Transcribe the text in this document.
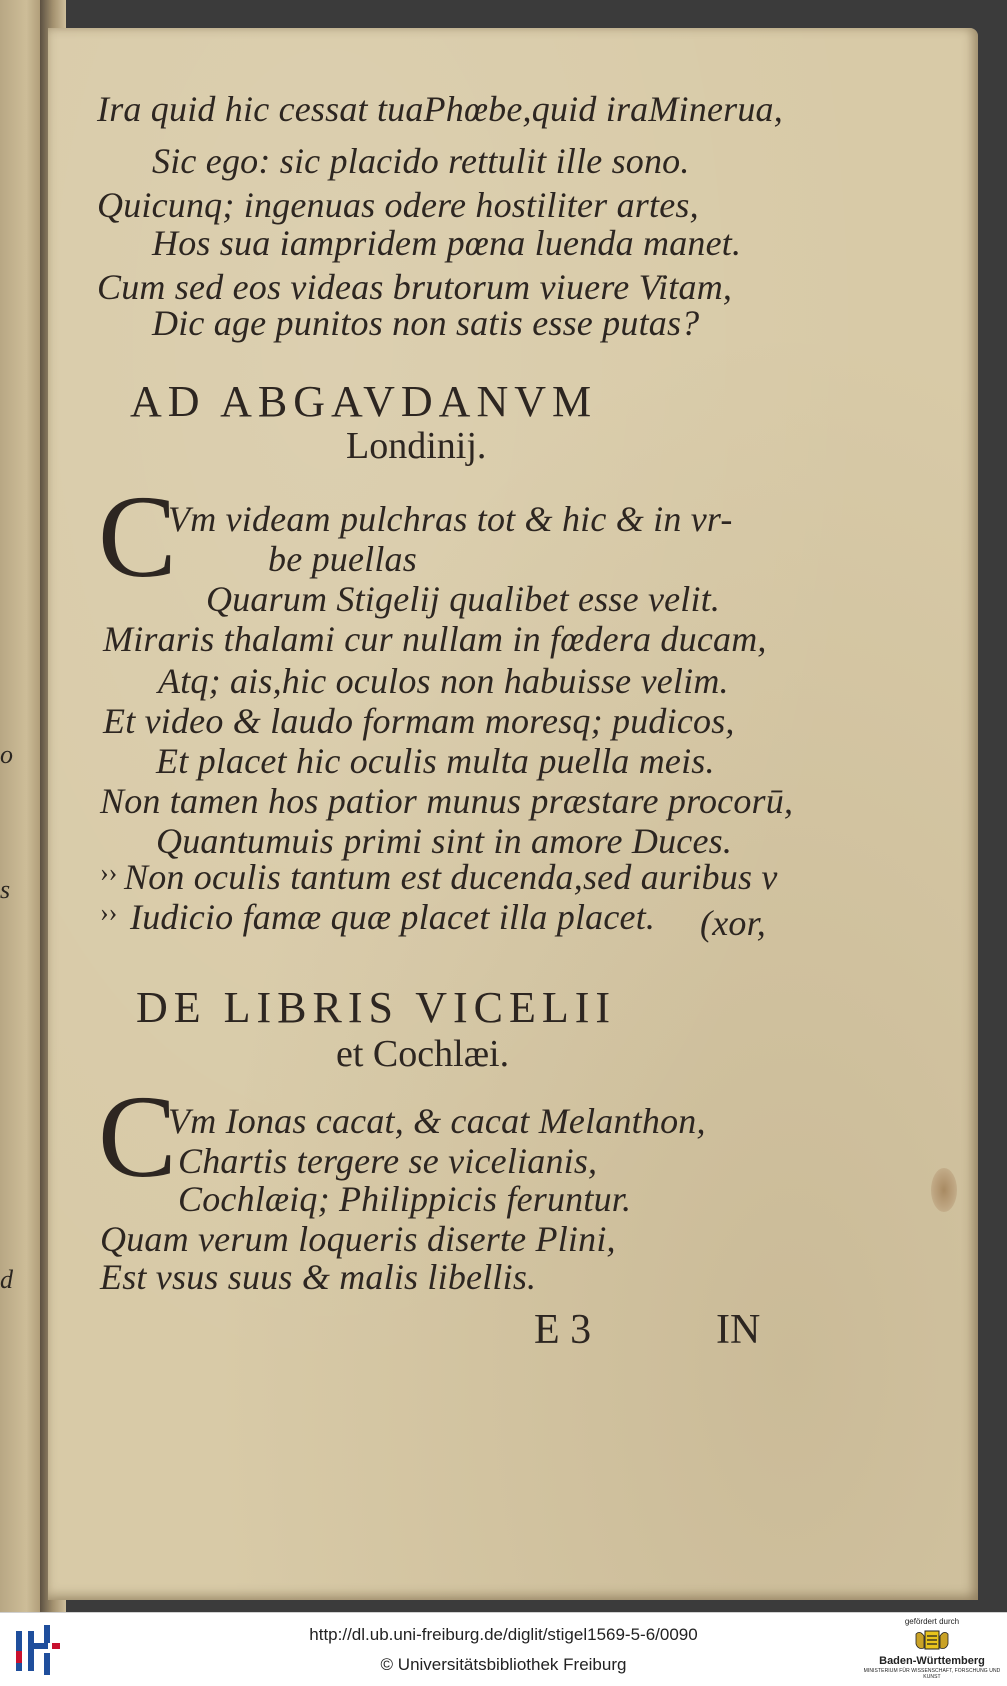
o
s
d
Ira quid hic cessat tuaPhœbe,quid iraMinerua,
Sic ego: sic placido rettulit ille sono.
Quicunq; ingenuas odere hostiliter artes,
Hos sua iampridem pœna luenda manet.
Cum sed eos videas brutorum viuere Vitam,
Dic age punitos non satis esse putas?
AD ABGAVDANVM
Londinij.
C
Vm videam pulchras tot & hic & in vr-
be puellas
Quarum Stigelij qualibet esse velit.
Miraris thalami cur nullam in fœdera ducam,
Atq; ais,hic oculos non habuisse velim.
Et video & laudo formam moresq; pudicos,
Et placet hic oculis multa puella meis.
Non tamen hos patior munus præstare procorū,
Quantumuis primi sint in amore Duces.
›› Non oculis tantum est ducenda,sed auribus v
›› Iudicio famæ quæ placet illa placet. (xor,
DE LIBRIS VICELII
et Cochlæi.
C
Vm Ionas cacat, & cacat Melanthon,
Chartis tergere se vicelianis,
Cochlæiq; Philippicis feruntur.
Quam verum loqueris diserte Plini,
Est vsus suus & malis libellis.
E 3	IN
http://dl.ub.uni-freiburg.de/diglit/stigel1569-5-6/0090
© Universitätsbibliothek Freiburg
gefördert durch
Baden-Württemberg
MINISTERIUM FÜR WISSENSCHAFT, FORSCHUNG UND KUNST
